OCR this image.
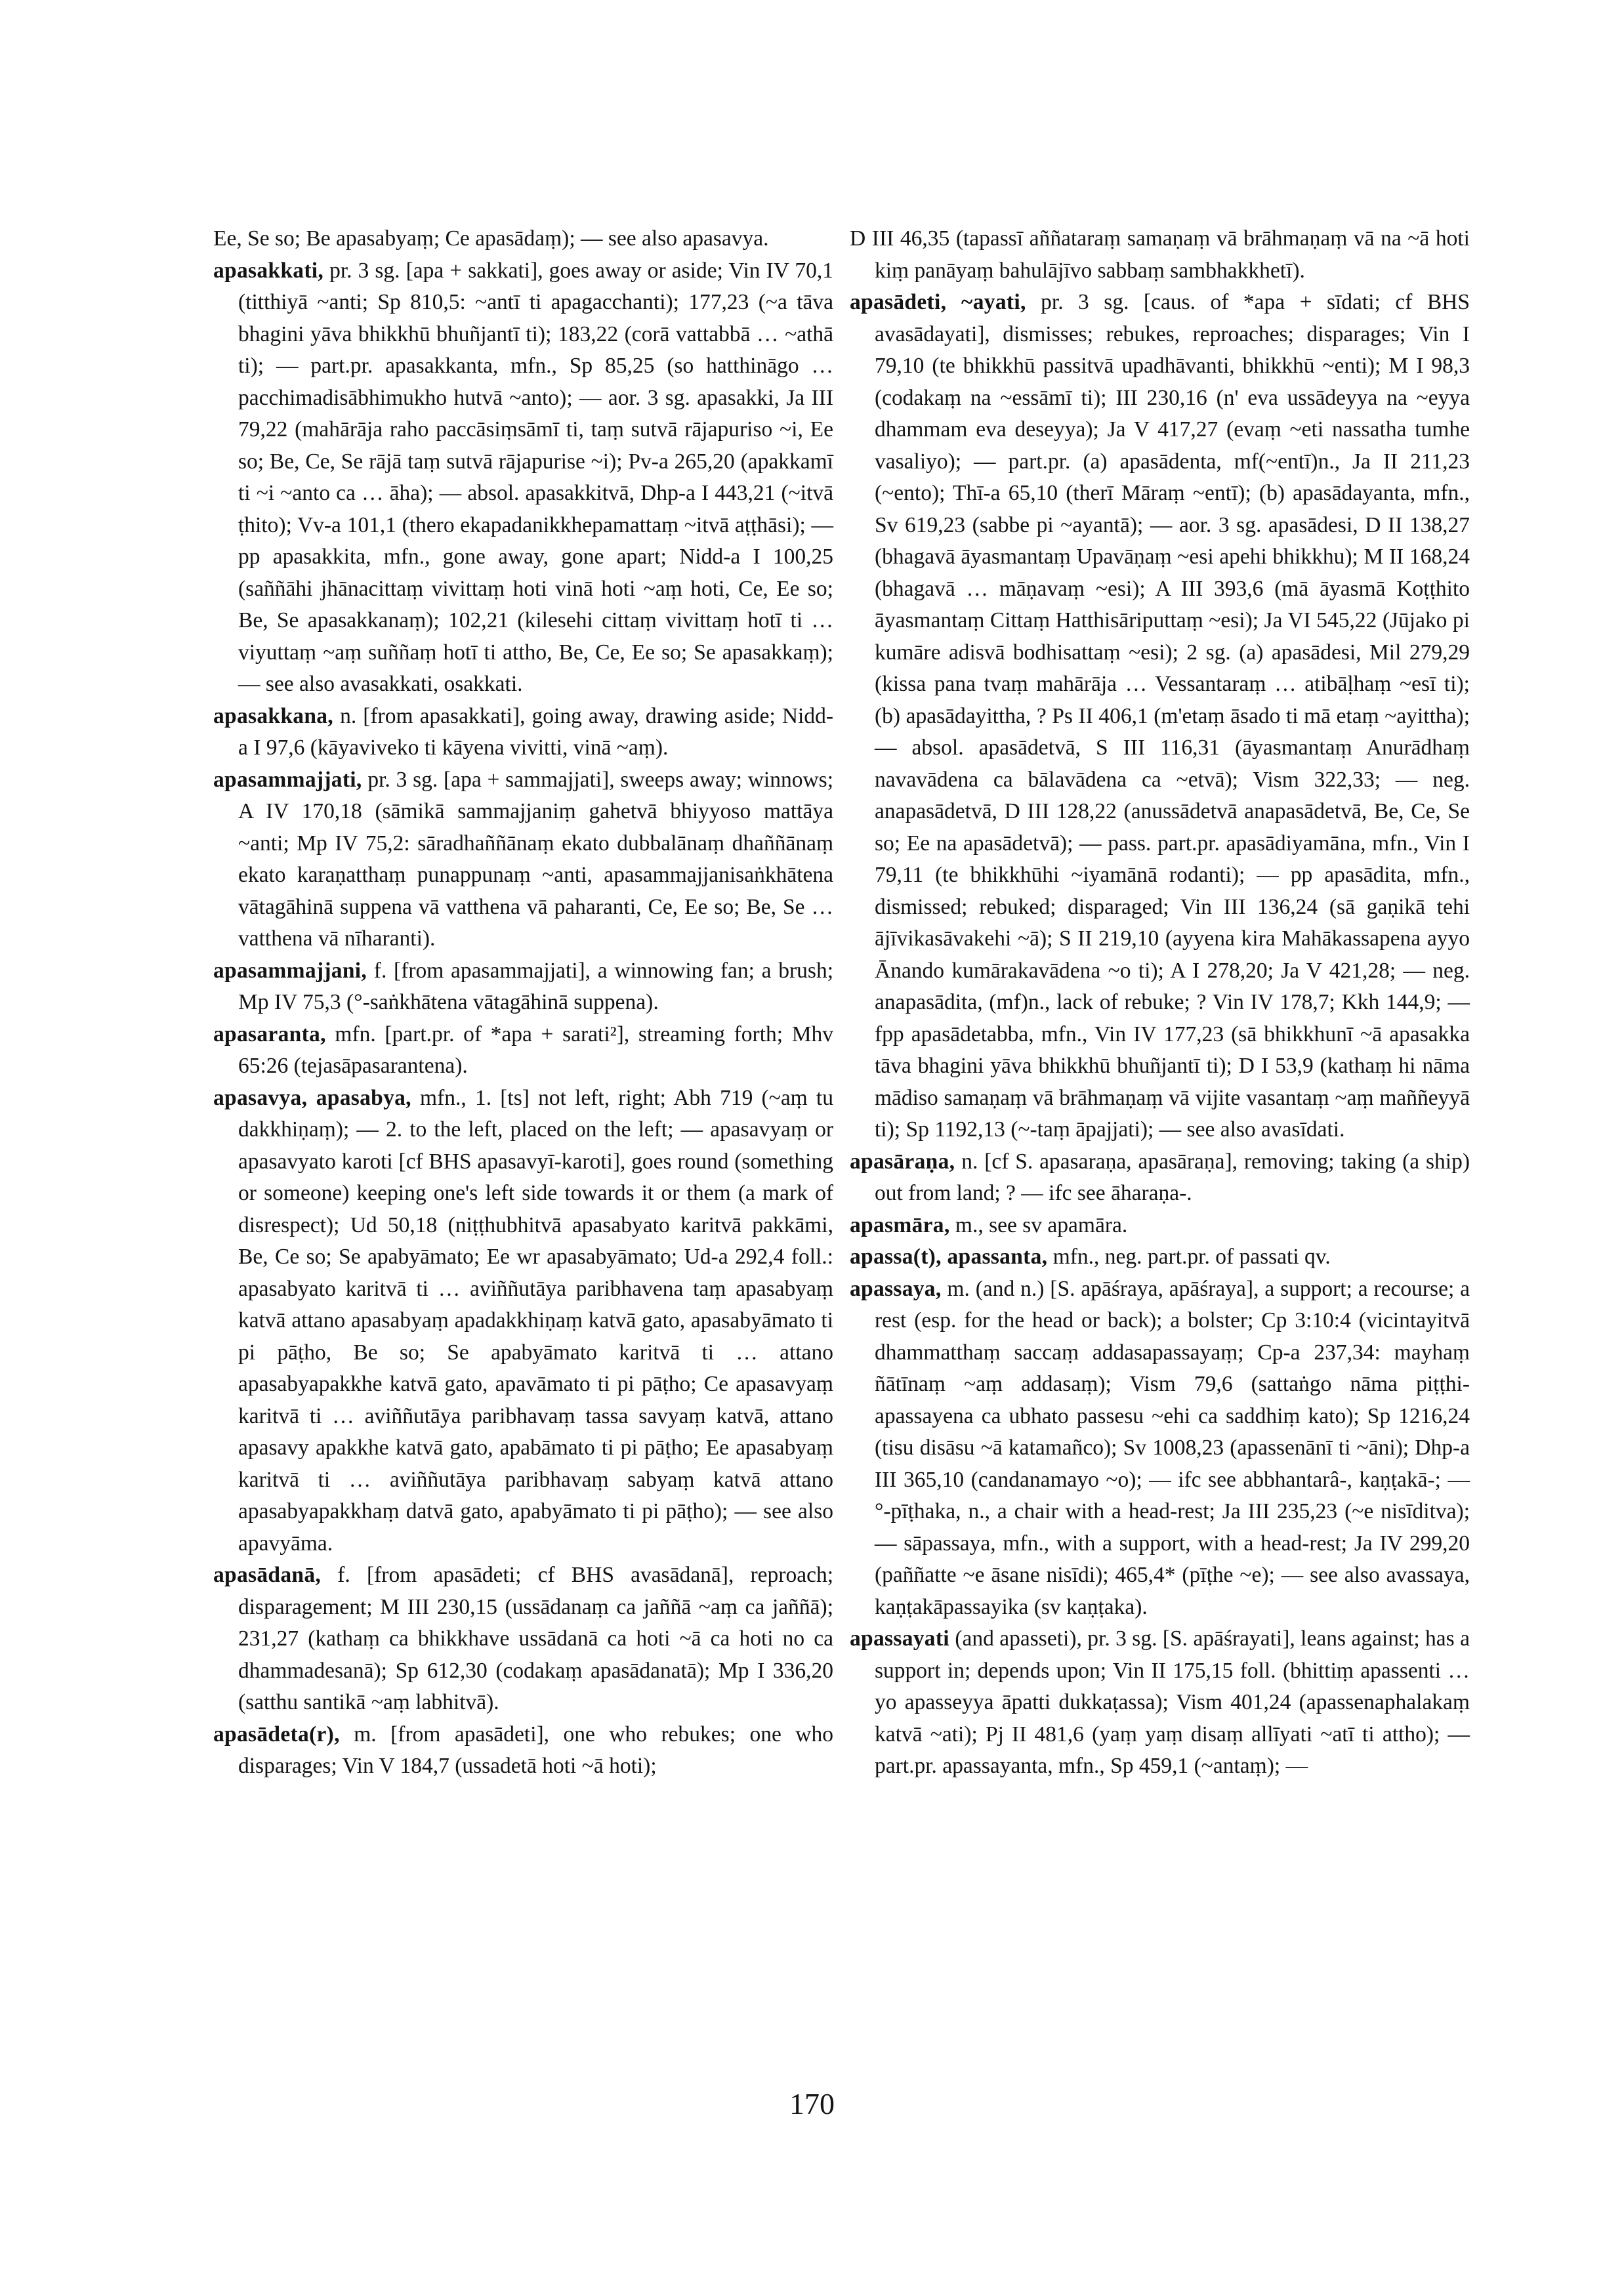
Ee, Se so; Be apasabyaṃ; Ce apasādaṃ); — see also apasavya.

apasakkati, pr. 3 sg. [apa + sakkati], goes away or aside; Vin IV 70,1 (titthiyā ~anti; Sp 810,5: ~antī ti apagacchanti); 177,23 (~a tāva bhagini yāva bhikkhū bhuñjantī ti); 183,22 (corā vattabbā … ~athā ti); — part.pr. apasakkanta, mfn., Sp 85,25 (so hatthināgo … pacchimadisābhimukho hutvā ~anto); — aor. 3 sg. apasakki, Ja III 79,22 (mahārāja raho paccāsiṃsāmī ti, taṃ sutvā rājapuriso ~i, Ee so; Be, Ce, Se rājā taṃ sutvā rājapurise ~i); Pv-a 265,20 (apakkamī ti ~i ~anto ca … āha); — absol. apasakkitvā, Dhp-a I 443,21 (~itvā ṭhito); Vv-a 101,1 (thero ekapadanikkhepamattaṃ ~itvā aṭṭhāsi); — pp apasakkita, mfn., gone away, gone apart; Nidd-a I 100,25 (saññāhi jhānacittaṃ vivittaṃ hoti vinā hoti ~aṃ hoti, Ce, Ee so; Be, Se apasakkanaṃ); 102,21 (kilesehi cittaṃ vivittaṃ hotī ti … viyuttaṃ ~aṃ suññaṃ hotī ti attho, Be, Ce, Ee so; Se apasakkaṃ); — see also avasakkati, osakkati.

apasakkana, n. [from apasakkati], going away, drawing aside; Nidd-a I 97,6 (kāyaviveko ti kāyena vivitti, vinā ~aṃ).

apasammajjati, pr. 3 sg. [apa + sammajjati], sweeps away; winnows; A IV 170,18 (sāmikā sammajjaniṃ gahetvā bhiyyoso mattāya ~anti; Mp IV 75,2: sāradhaññānaṃ ekato dubbalānaṃ dhaññānaṃ ekato karaṇatthaṃ punappunaṃ ~anti, apasammajjanisaṅkhātena vātagāhinā suppena vā vatthena vā paharanti, Ce, Ee so; Be, Se … vatthena vā nīharanti).

apasammajjani, f. [from apasammajjati], a winnowing fan; a brush; Mp IV 75,3 (°-saṅkhātena vātagāhinā suppena).

apasaranta, mfn. [part.pr. of *apa + sarati²], streaming forth; Mhv 65:26 (tejasāpasarantena).

apasavya, apasabya, mfn., 1. [ts] not left, right; Abh 719 (~aṃ tu dakkhiṇaṃ); — 2. to the left, placed on the left; — apasavyaṃ or apasavyato karoti [cf BHS apasavyī-karoti], goes round (something or someone) keeping one's left side towards it or them (a mark of disrespect); Ud 50,18 (niṭṭhubhitvā apasabyato karitvā pakkāmi, Be, Ce so; Se apabyāmato; Ee wr apasabyāmato; Ud-a 292,4 foll.: apasabyato karitvā ti … aviññutāya paribhavena taṃ apasabyaṃ katvā attano apasabyaṃ apadakkhiṇaṃ katvā gato, apasabyāmato ti pi pāṭho, Be so; Se apabyāmato karitvā ti … attano apasabyapakkhe katvā gato, apavāmato ti pi pāṭho; Ce apasavyaṃ karitvā ti … aviññutāya paribhavaṃ tassa savyaṃ katvā, attano apasavy apakkhe katvā gato, apabāmato ti pi pāṭho; Ee apasabyaṃ karitvā ti … aviññutāya paribhavaṃ sabyaṃ katvā attano apasabyapakkhaṃ datvā gato, apabyāmato ti pi pāṭho); — see also apavyāma.

apasādanā, f. [from apasādeti; cf BHS avasādanā], reproach; disparagement; M III 230,15 (ussādanaṃ ca jaññā ~aṃ ca jaññā); 231,27 (kathaṃ ca bhikkhave ussādanā ca hoti ~ā ca hoti no ca dhammadesanā); Sp 612,30 (codakaṃ apasādanatā); Mp I 336,20 (satthu santikā ~aṃ labhitvā).

apasādeta(r), m. [from apasādeti], one who rebukes; one who disparages; Vin V 184,7 (ussadetā hoti ~ā hoti);

D III 46,35 (tapassī aññataraṃ samaṇaṃ vā brāhmaṇaṃ vā na ~ā hoti kiṃ panāyaṃ bahulājīvo sabbaṃ sambhakkhetī).

apasādeti, ~ayati, pr. 3 sg. [caus. of *apa + sīdati; cf BHS avasādayati], dismisses; rebukes, reproaches; disparages; Vin I 79,10 (te bhikkhū passitvā upadhāvanti, bhikkhū ~enti); M I 98,3 (codakaṃ na ~essāmī ti); III 230,16 (n' eva ussādeyya na ~eyya dhammam eva deseyya); Ja V 417,27 (evaṃ ~eti nassatha tumhe vasaliyo); — part.pr. (a) apasādenta, mf(~entī)n., Ja II 211,23 (~ento); Thī-a 65,10 (therī Māraṃ ~entī); (b) apasādayanta, mfn., Sv 619,23 (sabbe pi ~ayantā); — aor. 3 sg. apasādesi, D II 138,27 (bhagavā āyasmantaṃ Upavāṇaṃ ~esi apehi bhikkhu); M II 168,24 (bhagavā … māṇavaṃ ~esi); A III 393,6 (mā āyasmā Koṭṭhito āyasmantaṃ Cittaṃ Hatthisāriputtaṃ ~esi); Ja VI 545,22 (Jūjako pi kumāre adisvā bodhisattaṃ ~esi); 2 sg. (a) apasādesi, Mil 279,29 (kissa pana tvaṃ mahārāja … Vessantaraṃ … atibāḷhaṃ ~esī ti); (b) apasādayittha, ? Ps II 406,1 (m'etaṃ āsado ti mā etaṃ ~ayittha); — absol. apasādetvā, S III 116,31 (āyasmantaṃ Anurādhaṃ navavādena ca bālavādena ca ~etvā); Vism 322,33; — neg. anapasādetvā, D III 128,22 (anussādetvā anapasādetvā, Be, Ce, Se so; Ee na apasādetvā); — pass. part.pr. apasādiyamāna, mfn., Vin I 79,11 (te bhikkhūhi ~iyamānā rodanti); — pp apasādita, mfn., dismissed; rebuked; disparaged; Vin III 136,24 (sā gaṇikā tehi ājīvikasāvakehi ~ā); S II 219,10 (ayyena kira Mahākassapena ayyo Ānando kumārakavādena ~o ti); A I 278,20; Ja V 421,28; — neg. anapasādita, (mf)n., lack of rebuke; ? Vin IV 178,7; Kkh 144,9; — fpp apasādetabba, mfn., Vin IV 177,23 (sā bhikkhunī ~ā apasakka tāva bhagini yāva bhikkhū bhuñjantī ti); D I 53,9 (kathaṃ hi nāma mādiso samaṇaṃ vā brāhmaṇaṃ vā vijite vasantaṃ ~aṃ maññeyyā ti); Sp 1192,13 (~-taṃ āpajjati); — see also avasīdati.

apasāraṇa, n. [cf S. apasaraṇa, apasāraṇa], removing; taking (a ship) out from land; ? — ifc see āharaṇa-.

apasmāra, m., see sv apamāra.

apassa(t), apassanta, mfn., neg. part.pr. of passati qv.

apassaya, m. (and n.) [S. apāśraya, apāśraya], a support; a recourse; a rest (esp. for the head or back); a bolster; Cp 3:10:4 (vicintayitvā dhammatthaṃ saccaṃ addasapassayaṃ; Cp-a 237,34: mayhaṃ ñātīnaṃ ~aṃ addasaṃ); Vism 79,6 (sattaṅgo nāma piṭṭhi-apassayena ca ubhato passesu ~ehi ca saddhiṃ kato); Sp 1216,24 (tisu disāsu ~ā katamañco); Sv 1008,23 (apassenānī ti ~āni); Dhp-a III 365,10 (candanamayo ~o); — ifc see abbhantarâ-, kaṇṭakā-; — °-pīṭhaka, n., a chair with a head-rest; Ja III 235,23 (~e nisīditva); — sāpassaya, mfn., with a support, with a head-rest; Ja IV 299,20 (paññatte ~e āsane nisīdi); 465,4* (pīṭhe ~e); — see also avassaya, kaṇṭakāpassayika (sv kaṇṭaka).

apassayati (and apasseti), pr. 3 sg. [S. apāśrayati], leans against; has a support in; depends upon; Vin II 175,15 foll. (bhittiṃ apassenti … yo apasseyya āpatti dukkaṭassa); Vism 401,24 (apassenaphalakaṃ katvā ~ati); Pj II 481,6 (yaṃ yaṃ disaṃ allīyati ~atī ti attho); — part.pr. apassayanta, mfn., Sp 459,1 (~antaṃ); —

170
